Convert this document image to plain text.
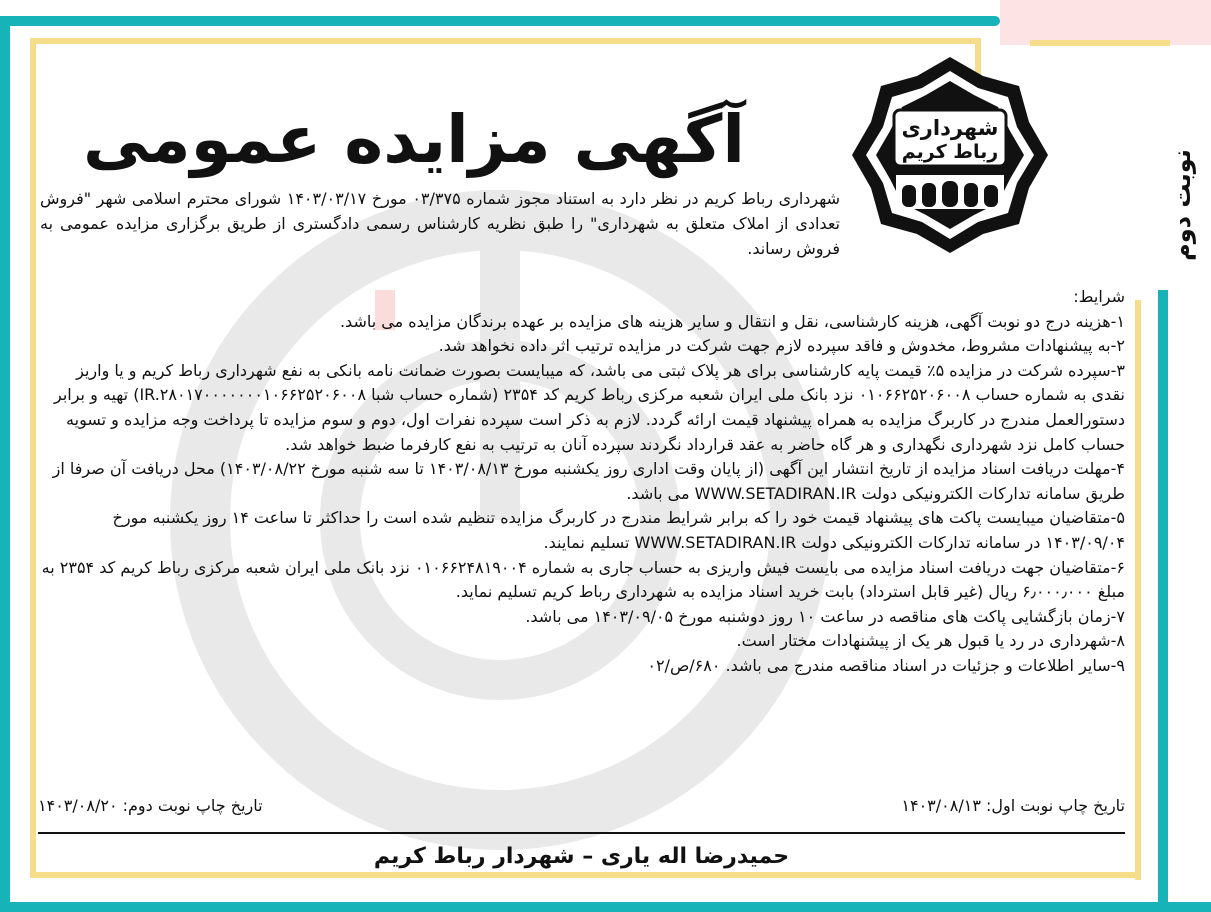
شهرداری
رباط کریم	نوبت دوم
آگهی مزایده عمومی
شهرداری رباط کریم در نظر دارد به استناد مجوز شماره ۰۳/۳۷۵ مورخ ۱۴۰۳/۰۳/۱۷ شورای محترم اسلامی شهر "فروش تعدادی از املاک متعلق به شهرداری" را طبق نظریه کارشناس رسمی دادگستری از طریق برگزاری مزایده عمومی به فروش رساند.

شرایط:

۱-هزینه درج دو نوبت آگهی، هزینه کارشناسی، نقل و انتقال و سایر هزینه های مزایده بر عهده برندگان مزایده می باشد.

۲-به پیشنهادات مشروط، مخدوش و فاقد سپرده لازم جهت شرکت در مزایده ترتیب اثر داده نخواهد شد.

۳-سپرده شرکت در مزایده ۵٪ قیمت پایه کارشناسی برای هر پلاک ثبتی می باشد، که میبایست بصورت ضمانت نامه بانکی به نفع شهرداری رباط کریم و یا واریز نقدی به شماره حساب ۰۱۰۶۶۲۵۲۰۶۰۰۸ نزد بانک ملی ایران شعبه مرکزی رباط کریم کد ۲۳۵۴ (شماره حساب شبا IR.۲۸۰۱۷۰۰۰۰۰۰۰۱۰۶۶۲۵۲۰۶۰۰۸) تهیه و برابر دستورالعمل مندرج در کاربرگ مزایده به همراه پیشنهاد قیمت ارائه گردد. لازم به ذکر است سپرده نفرات اول، دوم و سوم مزایده تا پرداخت وجه مزایده و تسویه حساب کامل نزد شهرداری نگهداری و هر گاه حاضر به عقد قرارداد نگردند سپرده آنان به ترتیب به نفع کارفرما ضبط خواهد شد.

۴-مهلت دریافت اسناد مزایده از تاریخ انتشار این آگهی (از پایان وقت اداری روز یکشنبه مورخ ۱۴۰۳/۰۸/۱۳ تا سه شنبه مورخ ۱۴۰۳/۰۸/۲۲) محل دریافت آن صرفا از طریق سامانه تدارکات الکترونیکی دولت WWW.SETADIRAN.IR می باشد.

۵-متقاضیان میبایست پاکت های پیشنهاد قیمت خود را که برابر شرایط مندرج در کاربرگ مزایده تنظیم شده است را حداکثر تا ساعت ۱۴ روز یکشنبه مورخ ۱۴۰۳/۰۹/۰۴ در سامانه تدارکات الکترونیکی دولت WWW.SETADIRAN.IR تسلیم نمایند.

۶-متقاضیان جهت دریافت اسناد مزایده می بایست فیش واریزی به حساب جاری به شماره ۰۱۰۶۶۲۴۸۱۹۰۰۴ نزد بانک ملی ایران شعبه مرکزی رباط کریم کد ۲۳۵۴ به مبلغ ۶٫۰۰۰٫۰۰۰ ریال (غیر قابل استرداد) بابت خرید اسناد مزایده به شهرداری رباط کریم تسلیم نماید.

۷-زمان بازگشایی پاکت های مناقصه در ساعت ۱۰ روز دوشنبه مورخ ۱۴۰۳/۰۹/۰۵ می باشد.

۸-شهرداری در رد یا قبول هر یک از پیشنهادات مختار است.

۹-سایر اطلاعات و جزئیات در اسناد مناقصه مندرج می باشد. ۶۸۰/ص/۰۲

تاریخ چاپ نوبت اول: ۱۴۰۳/۰۸/۱۳
تاریخ چاپ نوبت دوم: ۱۴۰۳/۰۸/۲۰
حمیدرضا اله یاری – شهردار رباط کریم
